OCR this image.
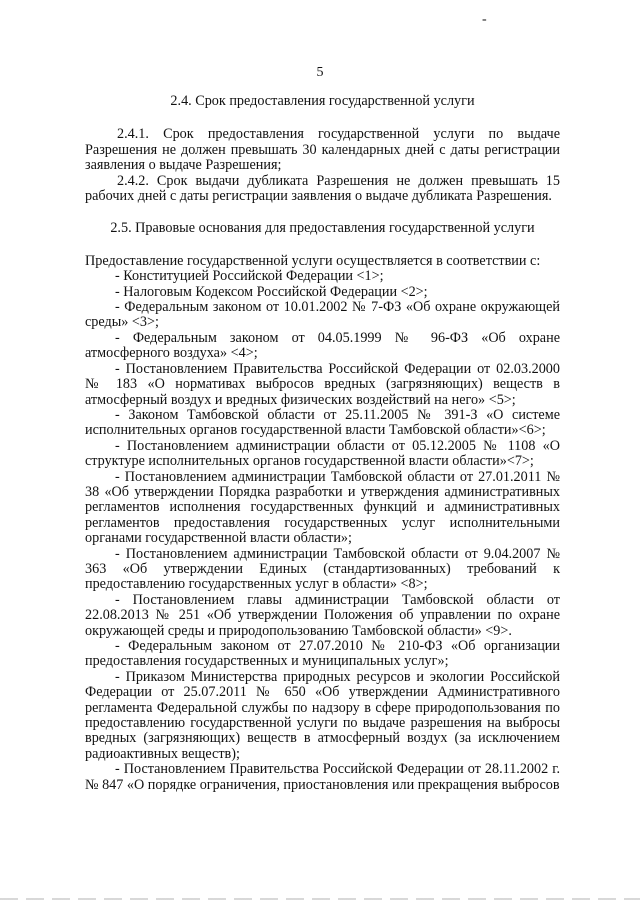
-
5

2.4. Срок предоставления государственной услуги

2.4.1. Срок предоставления государственной услуги по выдаче Разрешения не должен превышать 30 календарных дней с даты регистрации заявления о выдаче Разрешения;

2.4.2. Срок выдачи дубликата Разрешения не должен превышать 15 рабочих дней с даты регистрации заявления о выдаче дубликата Разрешения.

2.5. Правовые основания для предоставления государственной услуги

Предоставление государственной услуги осуществляется в соответствии с:

- Конституцией Российской Федерации <1>;

- Налоговым Кодексом Российской Федерации <2>;

- Федеральным законом от 10.01.2002 № 7-ФЗ «Об охране окружающей среды» <3>;

- Федеральным законом от 04.05.1999 № 96-ФЗ «Об охране атмосферного воздуха» <4>;

- Постановлением Правительства Российской Федерации от 02.03.2000 № 183 «О нормативах выбросов вредных (загрязняющих) веществ в атмосферный воздух и вредных физических воздействий на него» <5>;

- Законом Тамбовской области от 25.11.2005 № 391-З «О системе исполнительных органов государственной власти Тамбовской области»<6>;

- Постановлением администрации области от 05.12.2005 № 1108 «О структуре исполнительных органов государственной власти области»<7>;

- Постановлением администрации Тамбовской области от 27.01.2011 № 38 «Об утверждении Порядка разработки и утверждения административных регламентов исполнения государственных функций и административных регламентов предоставления государственных услуг исполнительными органами государственной власти области»;

- Постановлением администрации Тамбовской области от 9.04.2007 № 363 «Об утверждении Единых (стандартизованных) требований к предоставлению государственных услуг в области» <8>;

- Постановлением главы администрации Тамбовской области от 22.08.2013 № 251 «Об утверждении Положения об управлении по охране окружающей среды и природопользованию Тамбовской области» <9>.

- Федеральным законом от 27.07.2010 № 210-ФЗ «Об организации предоставления государственных и муниципальных услуг»;

- Приказом Министерства природных ресурсов и экологии Российской Федерации от 25.07.2011 № 650 «Об утверждении Административного регламента Федеральной службы по надзору в сфере природопользования по предоставлению государственной услуги по выдаче разрешения на выбросы вредных (загрязняющих) веществ в атмосферный воздух (за исключением радиоактивных веществ);

- Постановлением Правительства Российской Федерации от 28.11.2002 г. № 847 «О порядке ограничения, приостановления или прекращения выбросов
